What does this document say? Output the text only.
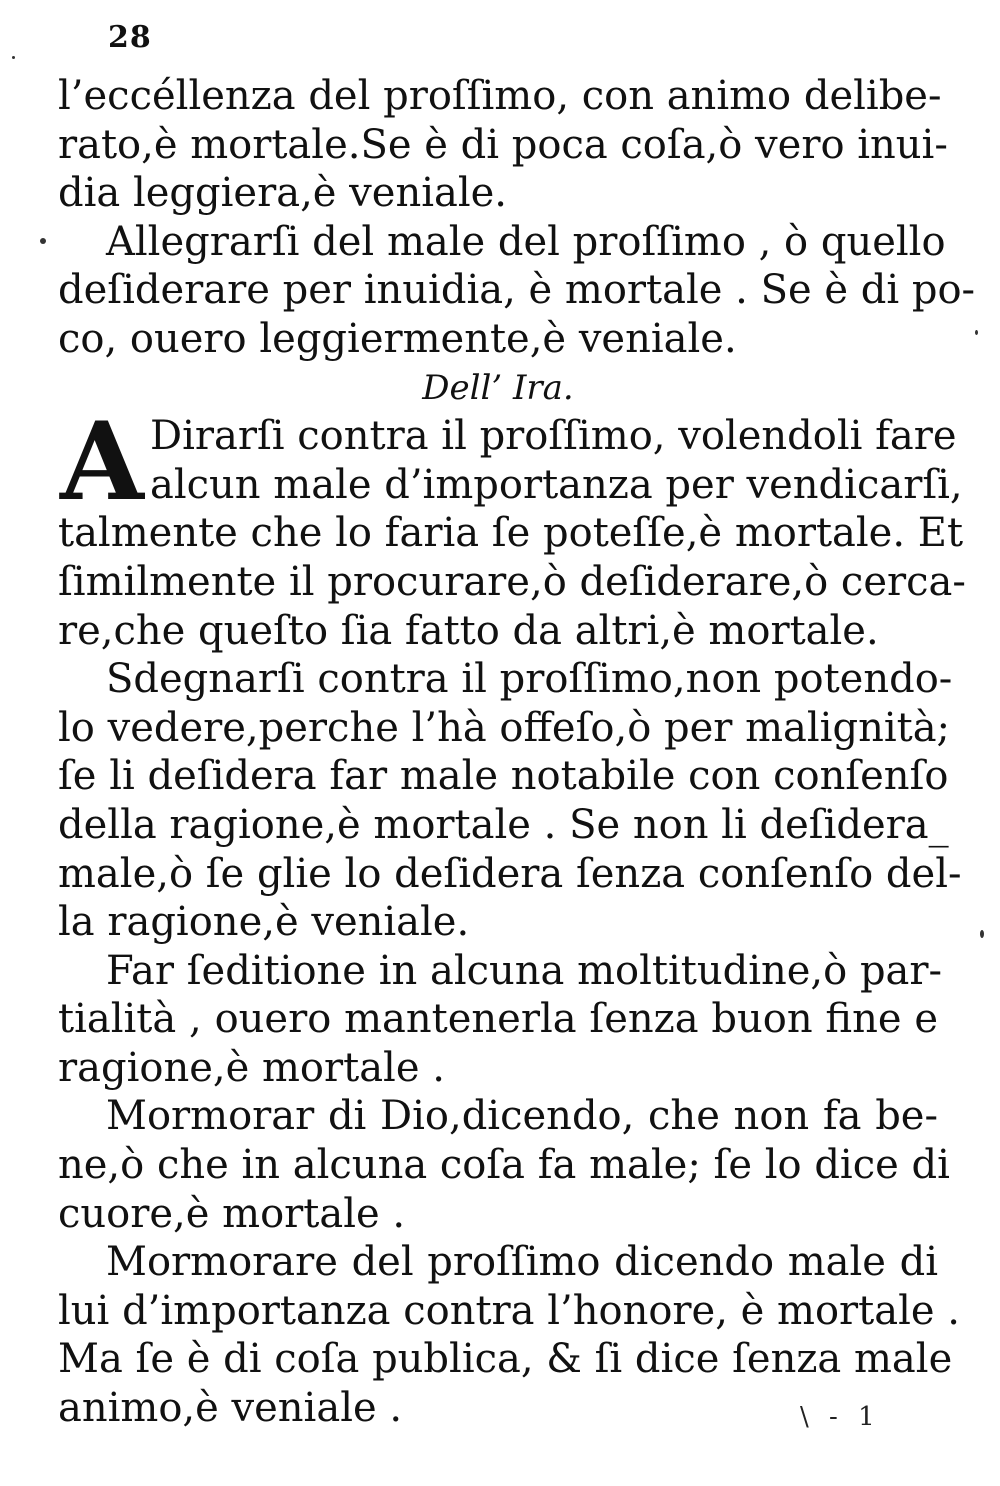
28
l’eccéllenza del proſſimo, con animo delibe-
rato,è mortale.Se è di poca coſa,ò vero inui-
dia leggiera,è veniale.
Allegrarſi del male del proſſimo , ò quello
deſiderare per inuidia, è mortale . Se è di po-
co, ouero leggiermente,è veniale.
Dell’ Ira.
A Dirarſi contra il proſſimo, volendoli fare
alcun male d’importanza per vendicarſi,
talmente che lo faria ſe poteſſe,è mortale. Et
ſimilmente il procurare,ò deſiderare,ò cerca-
re,che queſto ſia fatto da altri,è mortale.
Sdegnarſi contra il proſſimo,non potendo-
lo vedere,perche l’hà offeſo,ò per malignità;
ſe li deſidera far male notabile con conſenſo
della ragione,è mortale . Se non li deſidera_
male,ò ſe glie lo deſidera ſenza conſenſo del-
la ragione,è veniale.
Far ſeditione in alcuna moltitudine,ò par-
tialità , ouero mantenerla ſenza buon fine e
ragione,è mortale .
Mormorar di Dio,dicendo, che non fa be-
ne,ò che in alcuna coſa fa male; ſe lo dice di
cuore,è mortale .
Mormorare del proſſimo dicendo male di
lui d’importanza contra l’honore, è mortale .
Ma ſe è di coſa publica, & ſi dice ſenza male
animo,è veniale .	\ - 1
